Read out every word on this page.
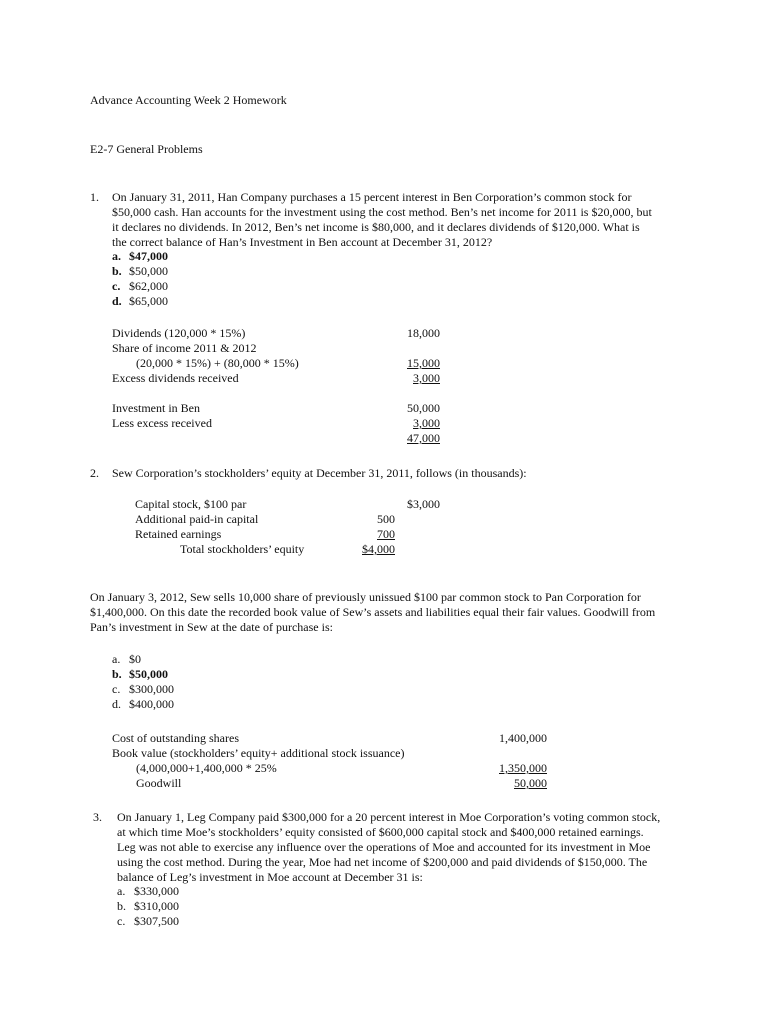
Advance Accounting Week 2 Homework
E2-7 General Problems
1. On January 31, 2011, Han Company purchases a 15 percent interest in Ben Corporation’s common stock for $50,000 cash. Han accounts for the investment using the cost method. Ben’s net income for 2011 is $20,000, but it declares no dividends. In 2012, Ben’s net income is $80,000, and it declares dividends of $120,000. What is the correct balance of Han’s Investment in Ben account at December 31, 2012?
a. $47,000
b. $50,000
c. $62,000
d. $65,000
Dividends (120,000 * 15%)	18,000
Share of income 2011 & 2012
(20,000 * 15%) + (80,000 * 15%)	15,000
Excess dividends received	3,000
Investment in Ben	50,000
Less excess received	3,000
47,000
2. Sew Corporation’s stockholders’ equity at December 31, 2011, follows (in thousands):
Capital stock, $100 par	$3,000
Additional paid-in capital	500
Retained earnings	700
Total stockholders’ equity	$4,000
On January 3, 2012, Sew sells 10,000 share of previously unissued $100 par common stock to Pan Corporation for $1,400,000. On this date the recorded book value of Sew’s assets and liabilities equal their fair values. Goodwill from Pan’s investment in Sew at the date of purchase is:
a. $0
b. $50,000
c. $300,000
d. $400,000
Cost of outstanding shares	1,400,000
Book value (stockholders’ equity+ additional stock issuance)
(4,000,000+1,400,000 * 25%	1,350,000
Goodwill	50,000
3. On January 1, Leg Company paid $300,000 for a 20 percent interest in Moe Corporation’s voting common stock, at which time Moe’s stockholders’ equity consisted of $600,000 capital stock and $400,000 retained earnings. Leg was not able to exercise any influence over the operations of Moe and accounted for its investment in Moe using the cost method. During the year, Moe had net income of $200,000 and paid dividends of $150,000. The balance of Leg’s investment in Moe account at December 31 is:
a. $330,000
b. $310,000
c. $307,500
